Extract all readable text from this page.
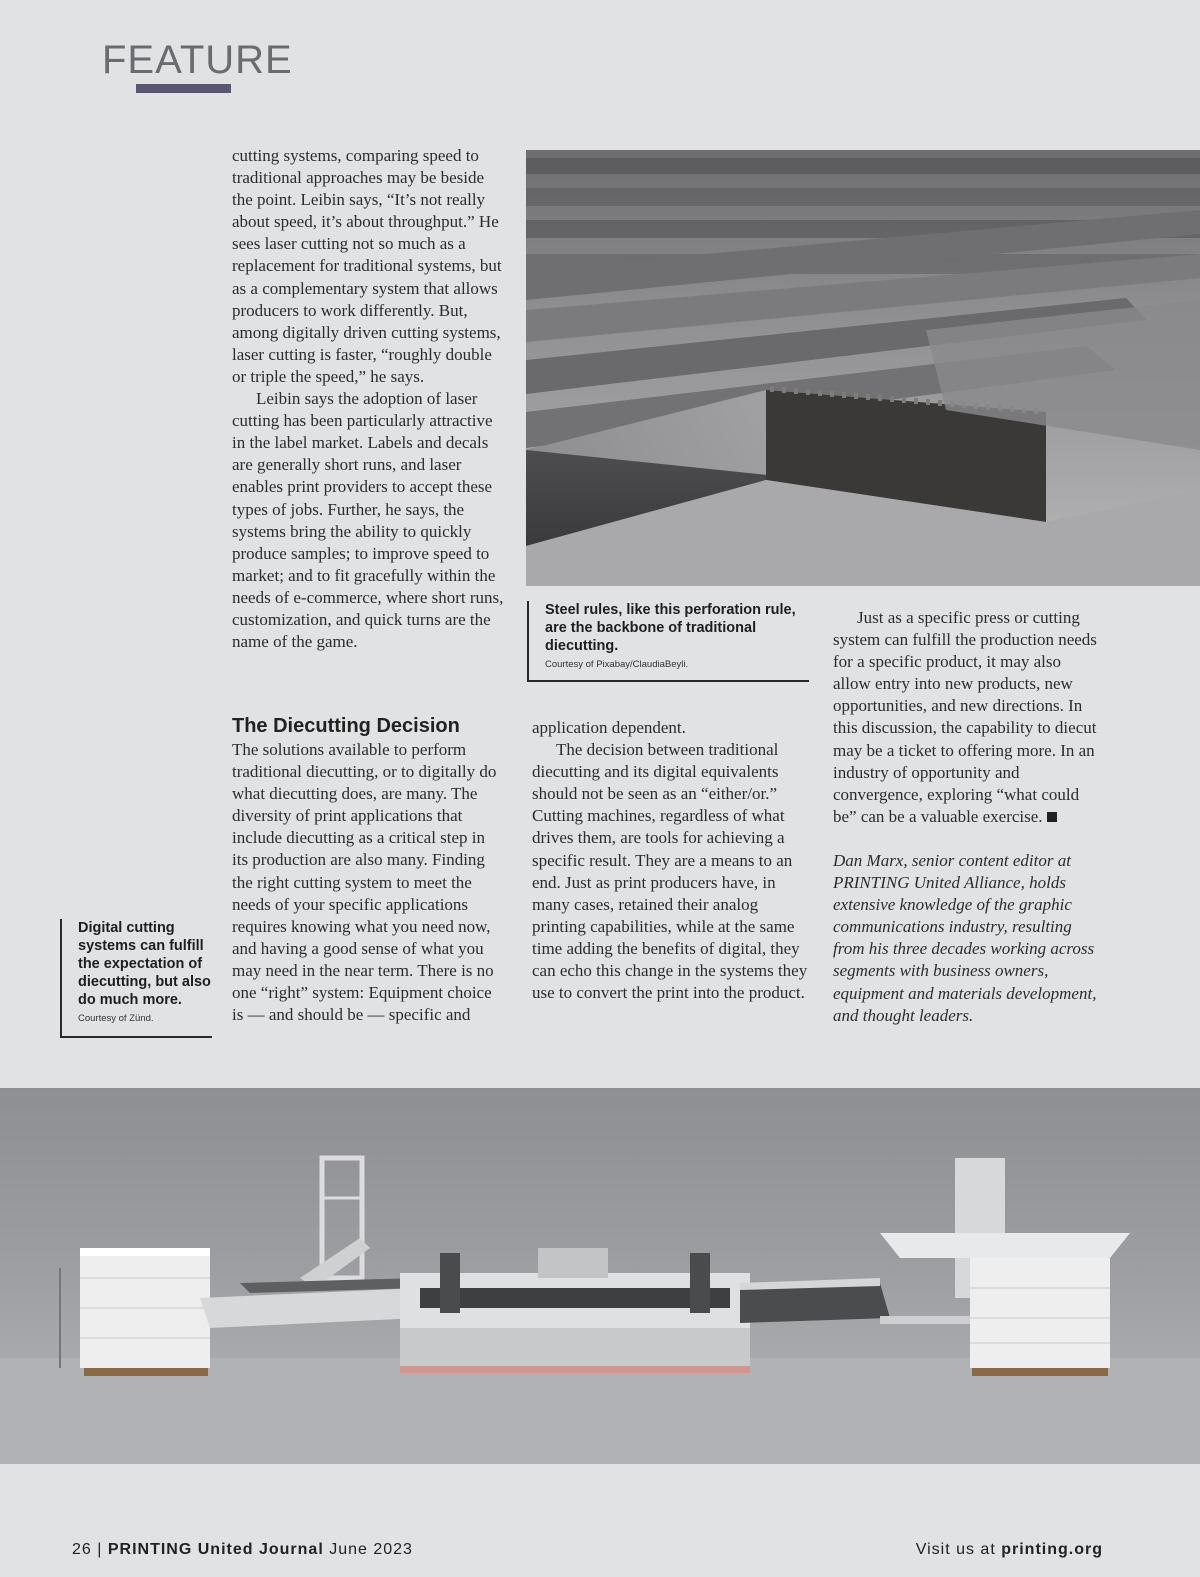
FEATURE

cutting systems, comparing speed to traditional approaches may be beside the point. Leibin says, “It’s not really about speed, it’s about throughput.” He sees laser cutting not so much as a replacement for traditional systems, but as a complementary system that allows producers to work differently. But, among digitally driven cutting systems, laser cutting is faster, “roughly double or triple the speed,” he says.

Leibin says the adoption of laser cutting has been particularly attractive in the label market. Labels and decals are generally short runs, and laser enables print providers to accept these types of jobs. Further, he says, the systems bring the ability to quickly produce samples; to improve speed to market; and to fit gracefully within the needs of e-commerce, where short runs, customization, and quick turns are the name of the game.

The Diecutting Decision

The solutions available to perform traditional diecutting, or to digitally do what diecutting does, are many. The diversity of print applications that include diecutting as a critical step in its production are also many. Finding the right cutting system to meet the needs of your specific applications requires knowing what you need now, and having a good sense of what you may need in the near term. There is no one “right” system: Equipment choice is — and should be — specific and

application dependent.

The decision between traditional diecutting and its digital equivalents should not be seen as an “either/or.” Cutting machines, regardless of what drives them, are tools for achieving a specific result. They are a means to an end. Just as print producers have, in many cases, retained their analog printing capabilities, while at the same time adding the benefits of digital, they can echo this change in the systems they use to convert the print into the product.

Just as a specific press or cutting system can fulfill the production needs for a specific product, it may also allow entry into new products, new opportunities, and new directions. In this discussion, the capability to diecut may be a ticket to offering more. In an industry of opportunity and convergence, exploring “what could be” can be a valuable exercise.

Dan Marx, senior content editor at PRINTING United Alliance, holds extensive knowledge of the graphic communications industry, resulting from his three decades working across segments with business owners, equipment and materials development, and thought leaders.

Steel rules, like this perforation rule, are the backbone of traditional diecutting.
Courtesy of Pixabay/ClaudiaBeyli.
Digital cutting systems can fulfill the expectation of diecutting, but also do much more.
Courtesy of Zünd.
26 | PRINTING United Journal June 2023	Visit us at printing.org
